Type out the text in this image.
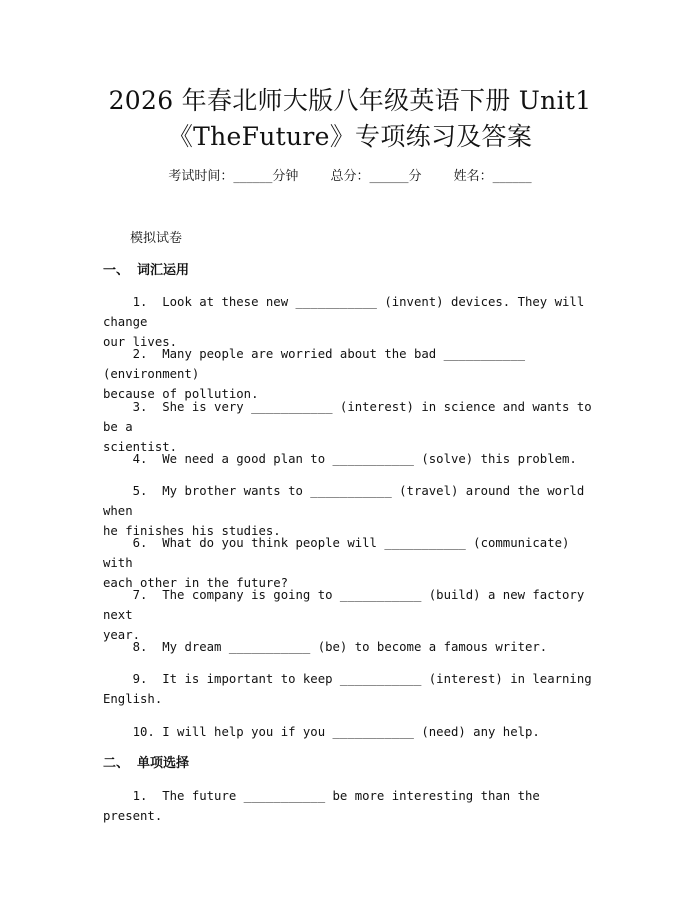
2026 年春北师大版八年级英语下册 Unit1
《TheFuture》专项练习及答案
考试时间：______分钟 总分：______分 姓名：______
模拟试卷
一、 词汇运用
1.  Look at these new ___________ (invent) devices. They will change
our lives.
2.  Many people are worried about the bad ___________ (environment)
because of pollution.
3.  She is very ___________ (interest) in science and wants to be a
scientist.
4.  We need a good plan to ___________ (solve) this problem.
5.  My brother wants to ___________ (travel) around the world when
he finishes his studies.
6.  What do you think people will ___________ (communicate) with
each other in the future?
7.  The company is going to ___________ (build) a new factory next
year.
8.  My dream ___________ (be) to become a famous writer.
9.  It is important to keep ___________ (interest) in learning
English.
10. I will help you if you ___________ (need) any help.
二、 单项选择
1.  The future ___________ be more interesting than the present.
